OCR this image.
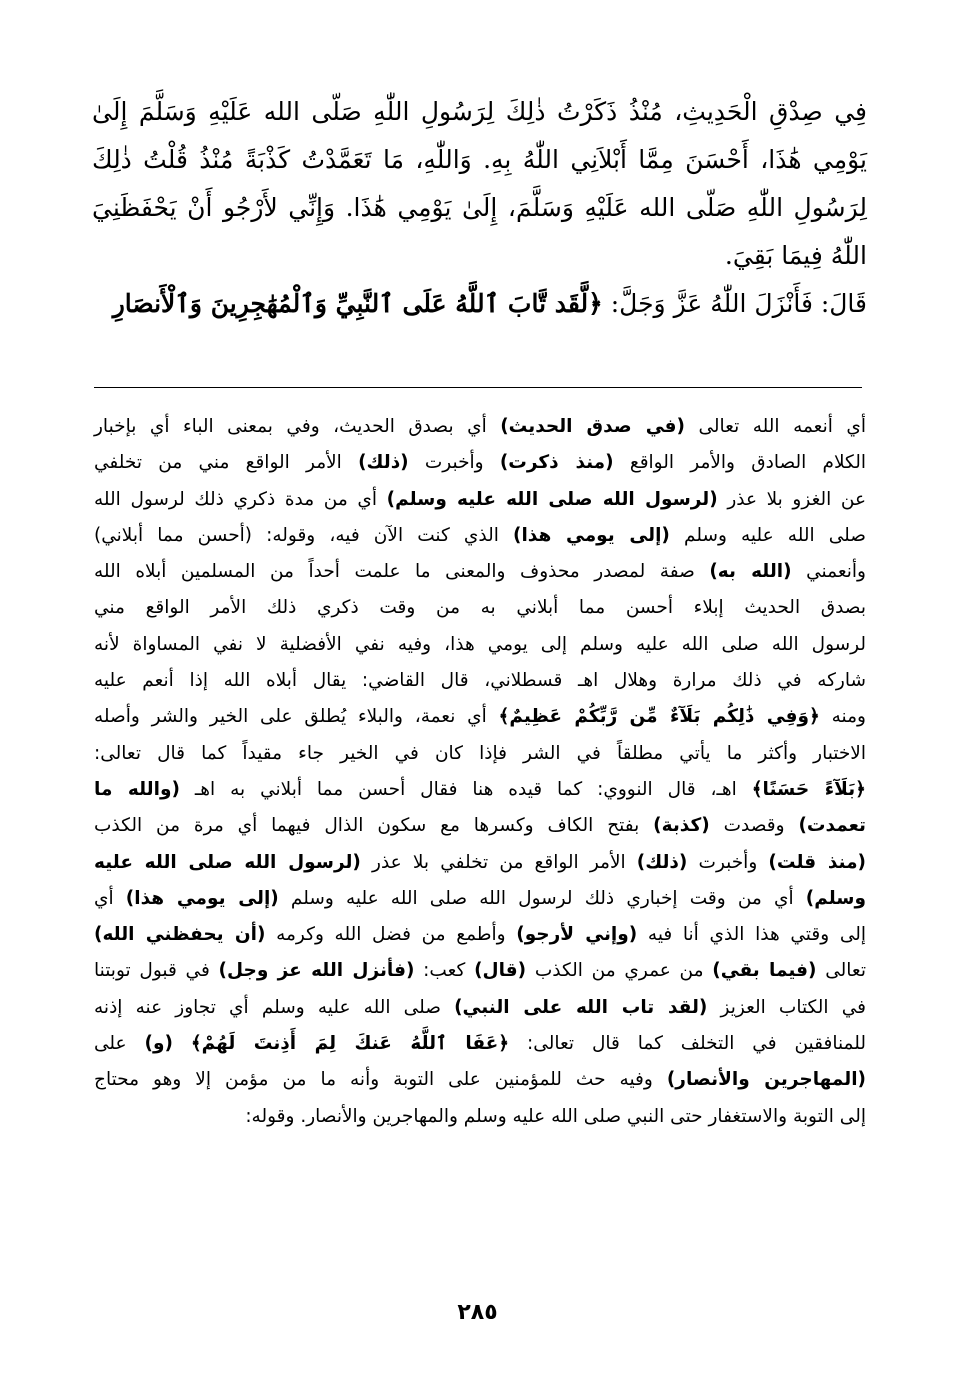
فِي صِدْقِ الْحَدِيثِ، مُنْذُ ذَكَرْتُ ذٰلِكَ لِرَسُولِ اللّٰهِ صَلّى الله عَلَيْهِ وَسَلَّمَ إِلَىٰ يَوْمِي هَٰذَا، أَحْسَنَ مِمَّا أَبْلاَنِي اللّٰهُ بِهِ. وَاللّٰهِ، مَا تَعَمَّدْتُ كَذْبَةً مُنْذُ قُلْتُ ذٰلِكَ لِرَسُولِ اللّٰهِ صَلّى الله عَلَيْهِ وَسَلَّمَ، إِلَىٰ يَوْمِي هَٰذَا. وَإِنِّي لأَرْجُو أَنْ يَحْفَظَنِيَ اللّٰهُ فِيمَا بَقِيَ.

قَالَ: فَأَنْزَلَ اللّٰهُ عَزَّ وَجَلَّ: ﴿لَّقَد تَّابَ ٱللَّهُ عَلَى ٱلنَّبِيِّ وَٱلْمُهَٰجِرِينَ وَٱلْأَنصَارِ

أي أنعمه الله تعالى (في صدق الحديث) أي بصدق الحديث، وفي بمعنى الباء أي بإخبار

الكلام الصادق والأمر الواقع (منذ ذكرت) وأخبرت (ذلك) الأمر الواقع مني من تخلفي

عن الغزو بلا عذر (لرسول الله صلى الله عليه وسلم) أي من مدة ذكري ذلك لرسول الله

صلى الله عليه وسلم (إلى يومي هذا) الذي كنت الآن فيه، وقوله: (أحسن مما أبلاني)

وأنعمني (الله به) صفة لمصدر محذوف والمعنى ما علمت أحداً من المسلمين أبلاه الله

بصدق الحديث إبلاء أحسن مما أبلاني به من وقت ذكري ذلك الأمر الواقع مني

لرسول الله صلى الله عليه وسلم إلى يومي هذا، وفيه نفي الأفضلية لا نفي المساواة لأنه

شاركه في ذلك مرارة وهلال اهـ قسطلاني، قال القاضي: يقال أبلاه الله إذا أنعم عليه

ومنه ﴿وَفِي ذَٰلِكُم بَلَآءٌ مِّن رَّبِّكُمْ عَظِيمٌ﴾ أي نعمة، والبلاء يُطلق على الخير والشر وأصله

الاختبار وأكثر ما يأتي مطلقاً في الشر فإذا كان في الخير جاء مقيداً كما قال تعالى:

﴿بَلَآءً حَسَنًا﴾ اهـ، قال النووي: كما قيده هنا فقال أحسن مما أبلاني به اهـ (والله ما

تعمدت) وقصدت (كذبة) بفتح الكاف وكسرها مع سكون الذال فيهما أي مرة من الكذب

(منذ قلت) وأخبرت (ذلك) الأمر الواقع من تخلفي بلا عذر (لرسول الله صلى الله عليه

وسلم) أي من وقت إخباري ذلك لرسول الله صلى الله عليه وسلم (إلى يومي هذا) أي

إلى وقتي هذا الذي أنا فيه (وإني لأرجو) وأطمع من فضل الله وكرمه (أن يحفظني الله)

تعالى (فيما بقي) من عمري من الكذب (قال) كعب: (فأنزل الله عز وجل) في قبول توبتنا

في الكتاب العزيز (لقد تاب الله على النبي) صلى الله عليه وسلم أي تجاوز عنه إذنه

للمنافقين في التخلف كما قال تعالى: ﴿عَفَا ٱللَّهُ عَنكَ لِمَ أَذِنتَ لَهُمْ﴾ (و) على

(المهاجرين والأنصار) وفيه حث للمؤمنين على التوبة وأنه ما من مؤمن إلا وهو محتاج

إلى التوبة والاستغفار حتى النبي صلى الله عليه وسلم والمهاجرين والأنصار. وقوله:

٢٨٥
